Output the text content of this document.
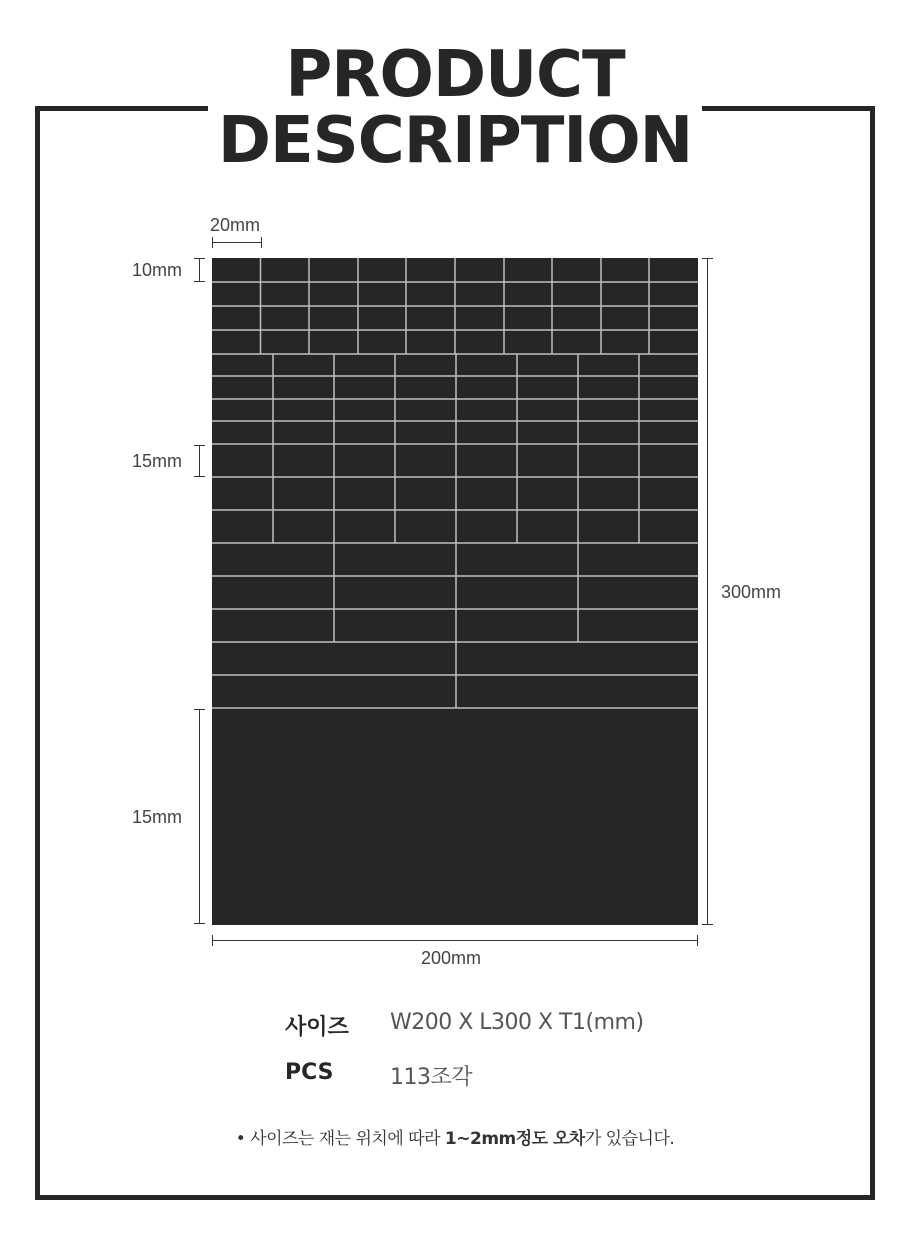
PRODUCT
DESCRIPTION
20mm
10mm
15mm
15mm
300mm
200mm
사이즈 W200 X L300 X T1(mm)
PCS	113조각
• 사이즈는 재는 위치에 따라 1~2mm정도 오차가 있습니다.
